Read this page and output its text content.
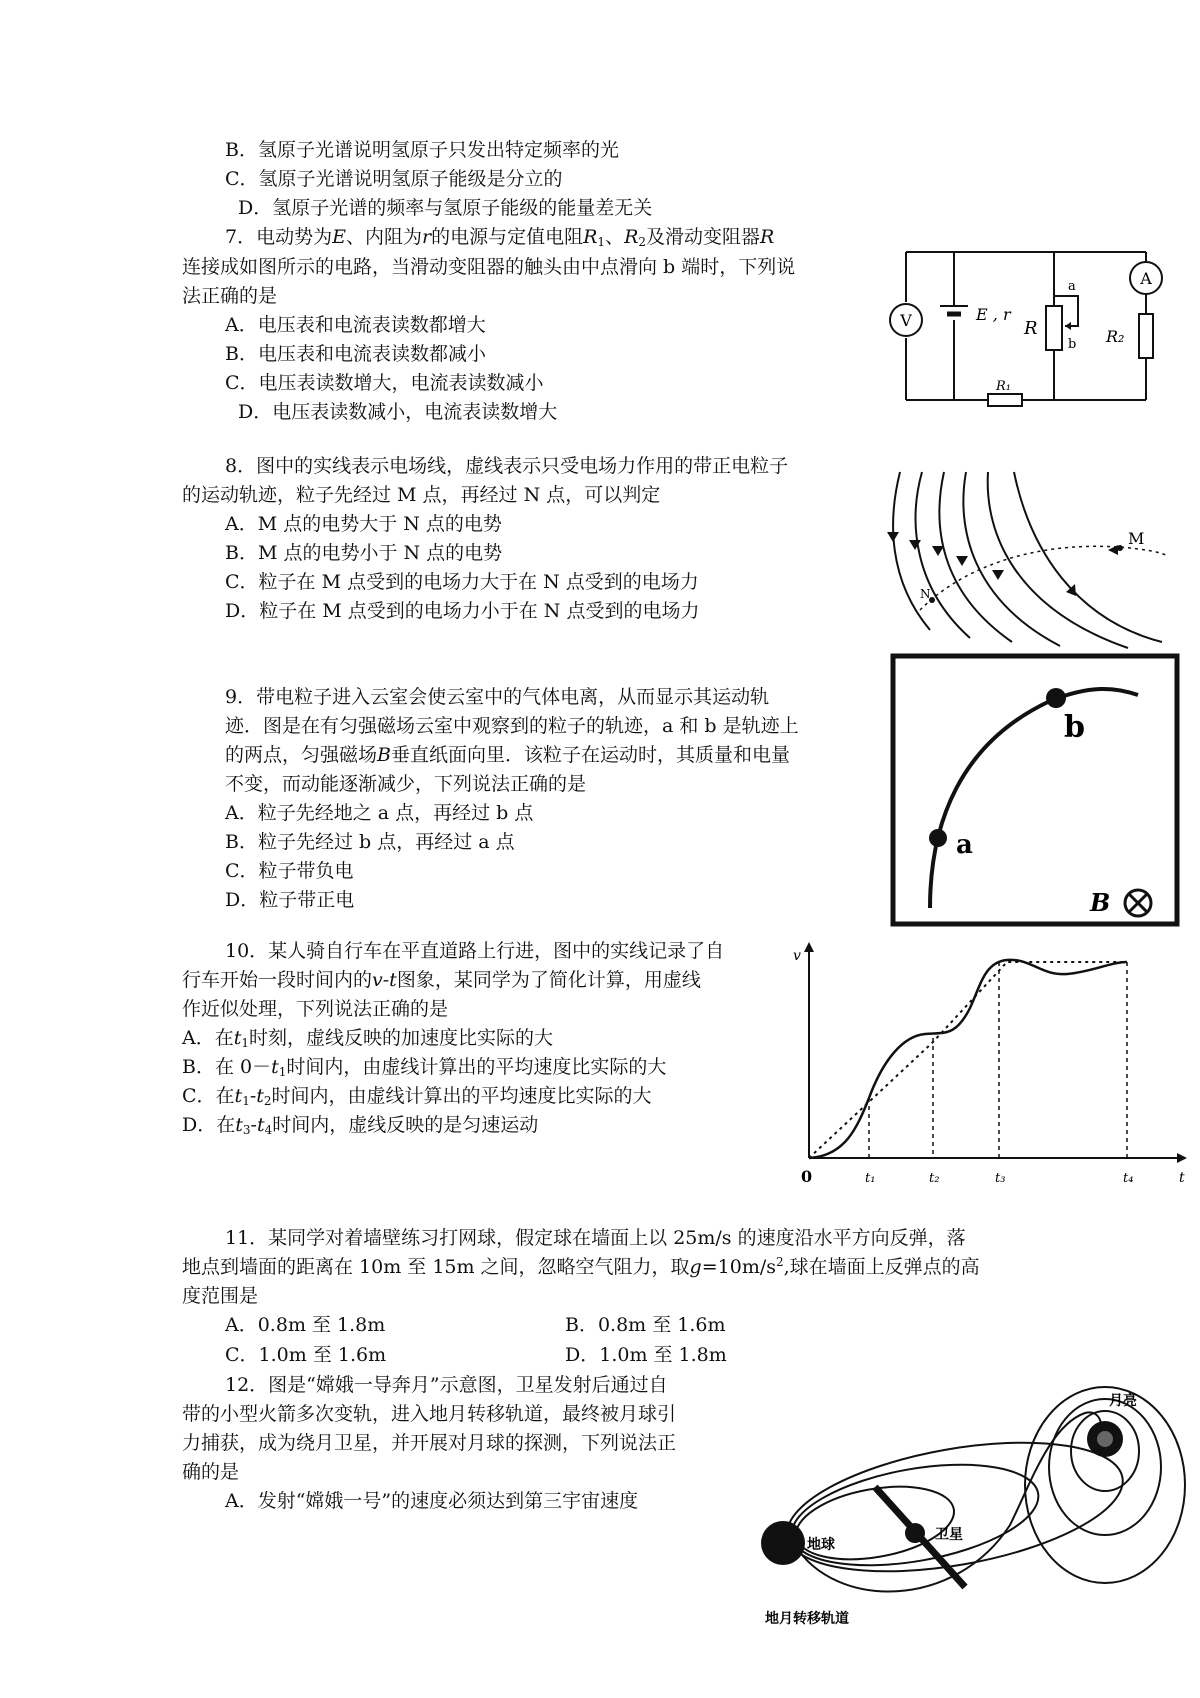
B．氢原子光谱说明氢原子只发出特定频率的光
C．氢原子光谱说明氢原子能级是分立的
D．氢原子光谱的频率与氢原子能级的能量差无关
7．电动势为E、内阻为r的电源与定值电阻$R_1$、$R_2$及滑动变阻器R
连接成如图所示的电路，当滑动变阻器的触头由中点滑向 b 端时，下列说
法正确的是
A．电压表和电流表读数都增大
B．电压表和电流表读数都减小
C．电压表读数增大，电流表读数减小
D．电压表读数减小，电流表读数增大
V
A
E , r
R
a
b
R₁
R₂
8．图中的实线表示电场线，虚线表示只受电场力作用的带正电粒子
的运动轨迹，粒子先经过 M 点，再经过 N 点，可以判定
A．M 点的电势大于 N 点的电势
B．M 点的电势小于 N 点的电势
C．粒子在 M 点受到的电场力大于在 N 点受到的电场力
D．粒子在 M 点受到的电场力小于在 N 点受到的电场力
M
N
9．带电粒子进入云室会使云室中的气体电离，从而显示其运动轨
迹．图是在有匀强磁场云室中观察到的粒子的轨迹，a 和 b 是轨迹上
的两点，匀强磁场B垂直纸面向里．该粒子在运动时，其质量和电量
不变，而动能逐渐减少，下列说法正确的是
A．粒子先经地之 a 点，再经过 b 点
B．粒子先经过 b 点，再经过 a 点
C．粒子带负电
D．粒子带正电
a
b
B
10．某人骑自行车在平直道路上行进，图中的实线记录了自
行车开始一段时间内的v-t图象，某同学为了简化计算，用虚线
作近似处理，下列说法正确的是
A．在$t_1$时刻，虚线反映的加速度比实际的大
B．在 $0-t_1$时间内，由虚线计算出的平均速度比实际的大
C．在$t_1-t_2$时间内，由虚线计算出的平均速度比实际的大
D．在$t_3-t_4$时间内，虚线反映的是匀速运动
v
t
0	t₁	t₂	t₃	t₄
11．某同学对着墙壁练习打网球，假定球在墙面上以 25m/s 的速度沿水平方向反弹，落
地点到墙面的距离在 10m 至 15m 之间，忽略空气阻力，取$g=10m/s^2$,球在墙面上反弹点的高
度范围是
A．0.8m 至 1.8m	B．0.8m 至 1.6m
C．1.0m 至 1.6m	D．1.0m 至 1.8m
12．图是“嫦娥一导奔月”示意图，卫星发射后通过自
带的小型火箭多次变轨，进入地月转移轨道，最终被月球引
力捕获，成为绕月卫星，并开展对月球的探测，下列说法正
确的是
A．发射“嫦娥一号”的速度必须达到第三宇宙速度
月亮
地球
卫星
地月转移轨道
